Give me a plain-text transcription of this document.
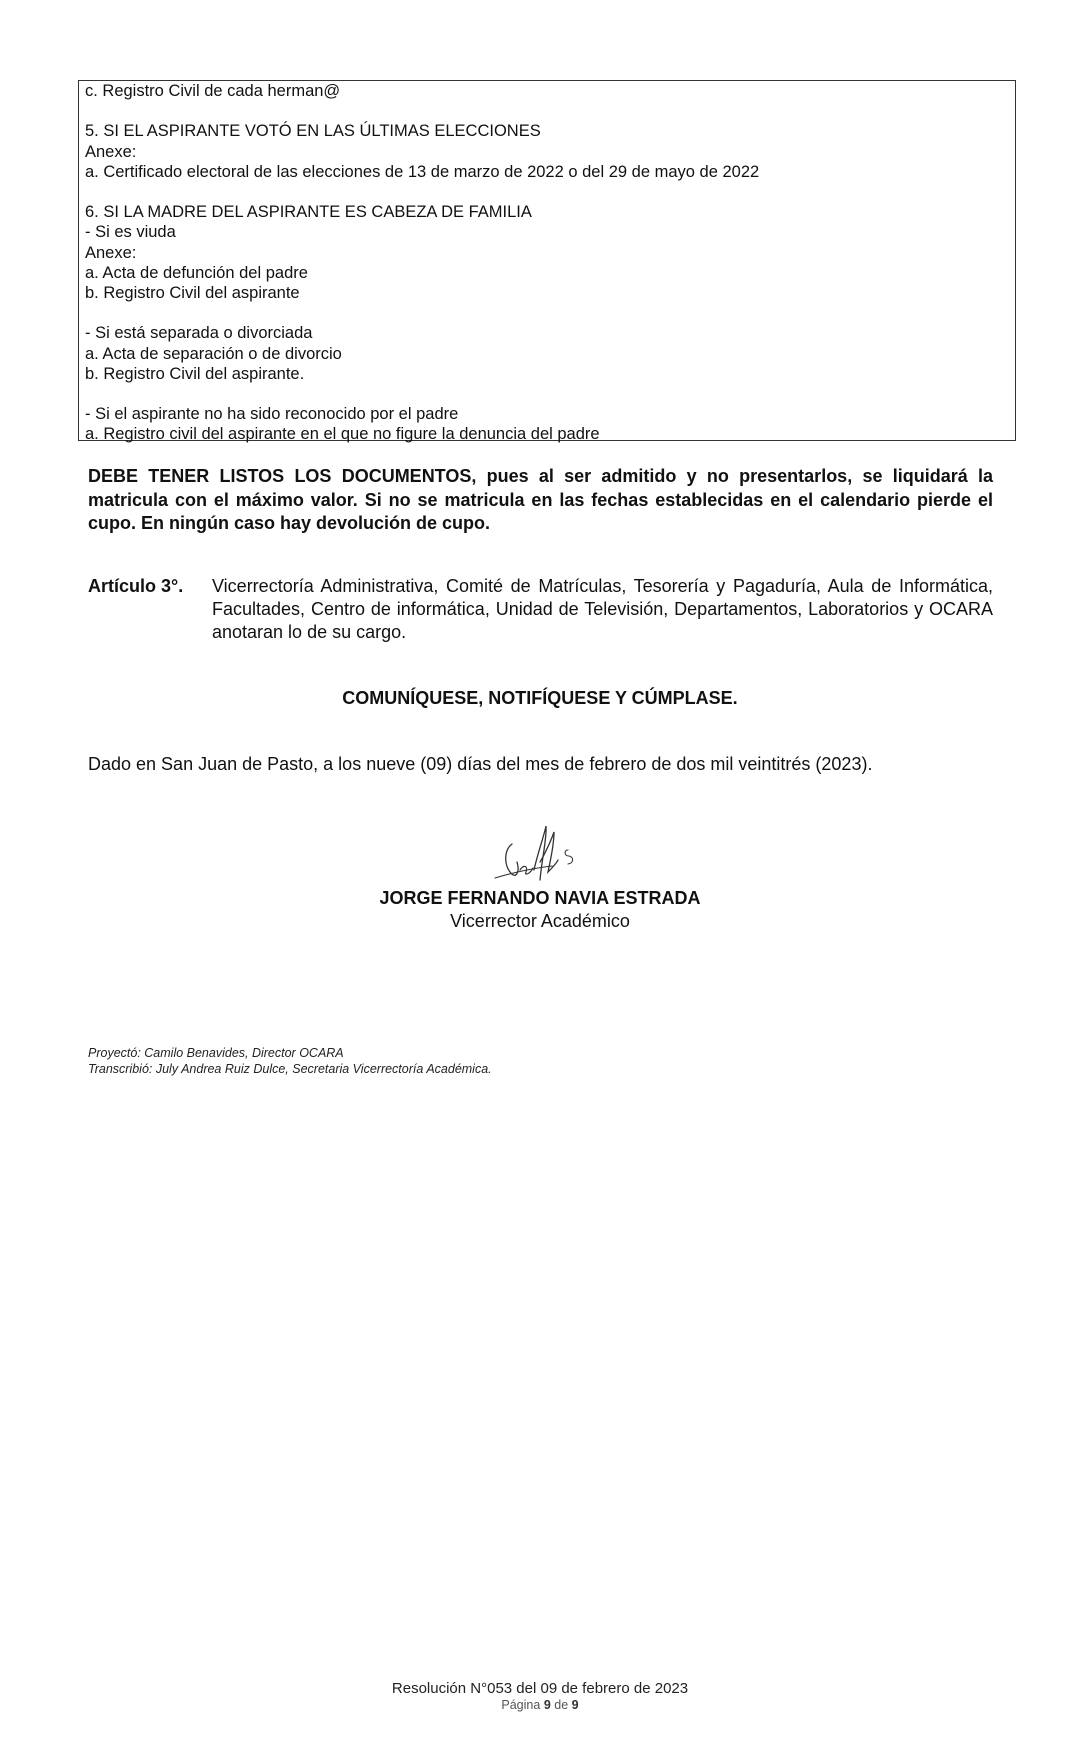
c. Registro Civil de cada herman@
5. SI EL ASPIRANTE VOTÓ EN LAS ÚLTIMAS ELECCIONES
Anexe:
a. Certificado electoral de las elecciones de 13 de marzo de 2022 o del 29 de mayo de 2022
6. SI LA MADRE DEL ASPIRANTE ES CABEZA DE FAMILIA
- Si es viuda
Anexe:
a. Acta de defunción del padre
b. Registro Civil del aspirante
- Si está separada o divorciada
a. Acta de separación o de divorcio
b. Registro Civil del aspirante.
- Si el aspirante no ha sido reconocido por el padre
a. Registro civil del aspirante en el que no figure la denuncia del padre
DEBE TENER LISTOS LOS DOCUMENTOS, pues al ser admitido y no presentarlos, se liquidará la matricula con el máximo valor. Si no se matricula en las fechas establecidas en el calendario pierde el cupo. En ningún caso hay devolución de cupo.
Artículo 3°. Vicerrectoría Administrativa, Comité de Matrículas, Tesorería y Pagaduría, Aula de Informática, Facultades, Centro de informática, Unidad de Televisión, Departamentos, Laboratorios y OCARA anotaran lo de su cargo.
COMUNÍQUESE, NOTIFÍQUESE Y CÚMPLASE.
Dado en San Juan de Pasto, a los nueve (09) días del mes de febrero de dos mil veintitrés (2023).
JORGE FERNANDO NAVIA ESTRADA
Vicerrector Académico
Proyectó: Camilo Benavides, Director OCARA
Transcribió: July Andrea Ruiz Dulce, Secretaria Vicerrectoría Académica.
Resolución N°053 del 09 de febrero de 2023
Página 9 de 9
